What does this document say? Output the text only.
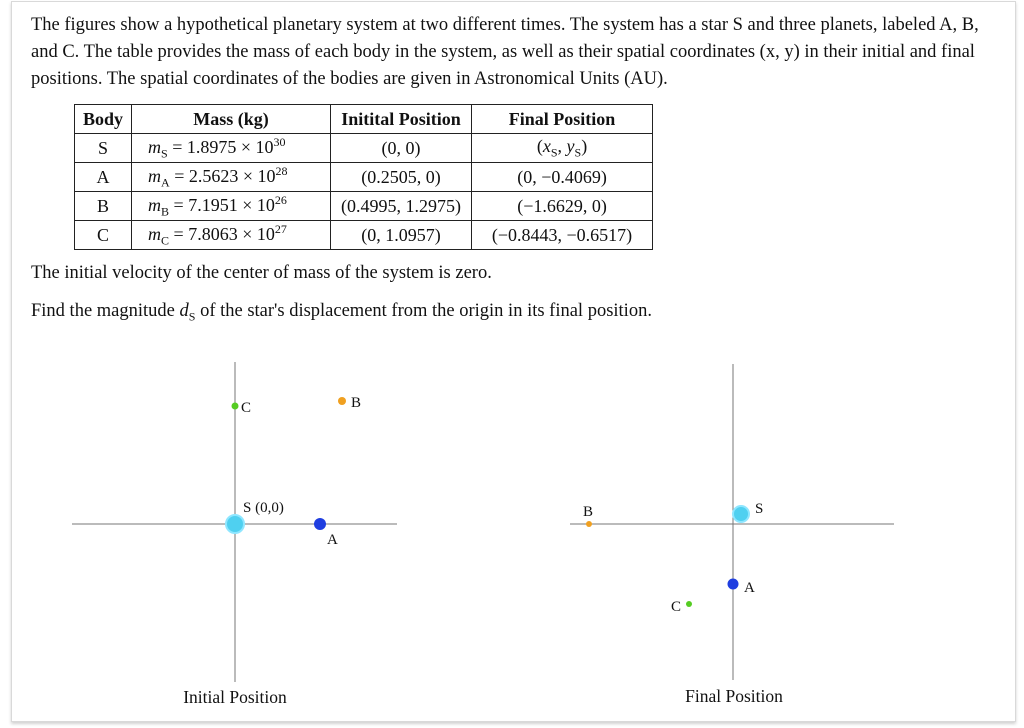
The figures show a hypothetical planetary system at two different times. The system has a star S and three planets, labeled A, B, and C. The table provides the mass of each body in the system, as well as their spatial coordinates (x, y) in their initial and final positions. The spatial coordinates of the bodies are given in Astronomical Units (AU).

Body	Mass (kg)	Initital Position	Final Position
S	$m_S = 1.8975 \times 10^{30}$	(0, 0)	($x_S$, $y_S$)
A	$m_A = 2.5623 \times 10^{28}$	(0.2505, 0)	(0, −0.4069)
B	$m_B = 7.1951 \times 10^{26}$	(0.4995, 1.2975)	(−1.6629, 0)
C	$m_C = 7.8063 \times 10^{27}$	(0, 1.0957)	(−0.8443, −0.6517)

The initial velocity of the center of mass of the system is zero.

Find the magnitude $d_S$ of the star's displacement from the origin in its final position.

S (0,0)
A
B
C
Initial Position
S
A
B
C
Final Position
